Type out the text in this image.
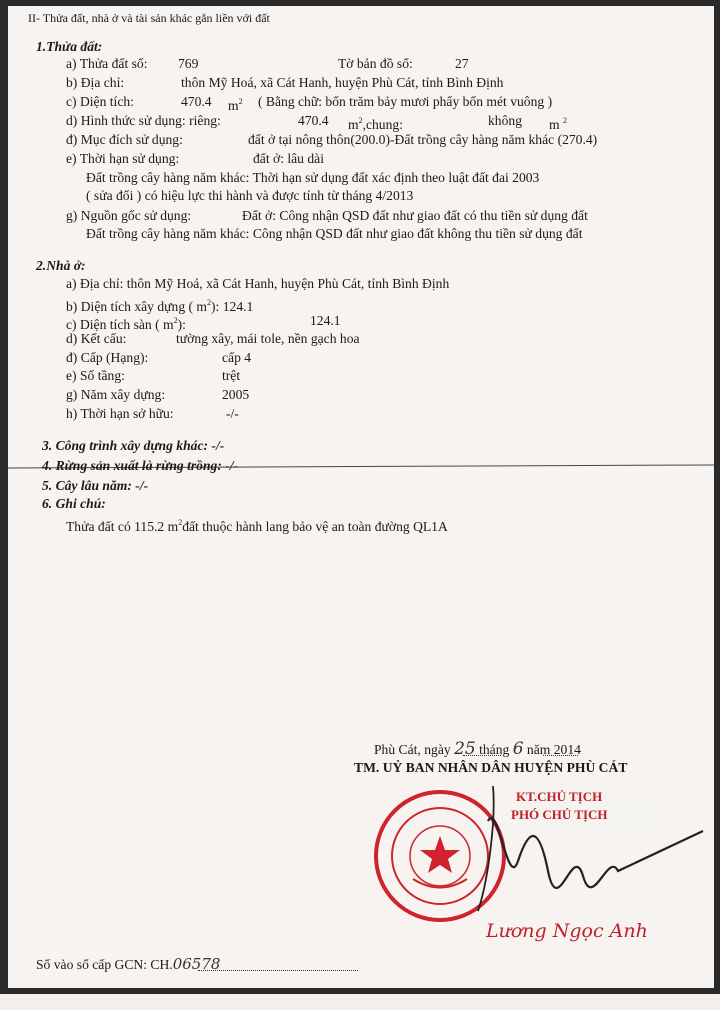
II- Thửa đất, nhà ở và tài sản khác gắn liền với đất
1.Thửa đất:
a) Thửa đất số: 769	Tờ bản đồ số:	27
b) Địa chỉ:	thôn Mỹ Hoá, xã Cát Hanh, huyện Phù Cát, tỉnh Bình Định
c) Diện tích:	470.4 $m^2$ ( Bằng chữ: bốn trăm bảy mươi phẩy bốn mét vuông )
d) Hình thức sử dụng: riêng:	470.4 $m^2,chung$:	không m $^2$
đ) Mục đích sử dụng:	đất ở tại nông thôn(200.0)-Đất trồng cây hàng năm khác (270.4)
e) Thời hạn sử dụng:	đất ở: lâu dài
Đất trồng cây hàng năm khác: Thời hạn sử dụng đất xác định theo luật đất đai 2003
( sửa đổi ) có hiệu lực thi hành và được tính từ tháng 4/2013
g) Nguồn gốc sử dụng:	Đất ở: Công nhận QSD đất như giao đất có thu tiền sử dụng đất
Đất trồng cây hàng năm khác: Công nhận QSD đất như giao đất không thu tiền sử dụng đất
2.Nhà ở:
a) Địa chỉ: thôn Mỹ Hoá, xã Cát Hanh, huyện Phù Cát, tỉnh Bình Định
b) Diện tích xây dựng ( $m^2$): 124.1
c) Diện tích sàn ( $m^2$):	124.1
d) Kết cấu:	tường xây, mái tole, nền gạch hoa
đ) Cấp (Hạng):	cấp 4
e) Số tầng:	trệt
g) Năm xây dựng:	2005
h) Thời hạn sở hữu:	-/-
3. Công trình xây dựng khác: -/-
4. Rừng sản xuất là rừng trồng: -/-
5. Cây lâu năm: -/-
6. Ghi chú:
Thửa đất có 115.2 $m^2đất$ thuộc hành lang bảo vệ an toàn đường QL1A
Phù Cát, ngày 25 tháng 6 năm 2014
TM. UỶ BAN NHÂN DÂN HUYỆN PHÙ CÁT
KT.CHỦ TỊCH
PHÓ CHỦ TỊCH
Lương Ngọc Anh
Số vào sổ cấp GCN: CH.06578
